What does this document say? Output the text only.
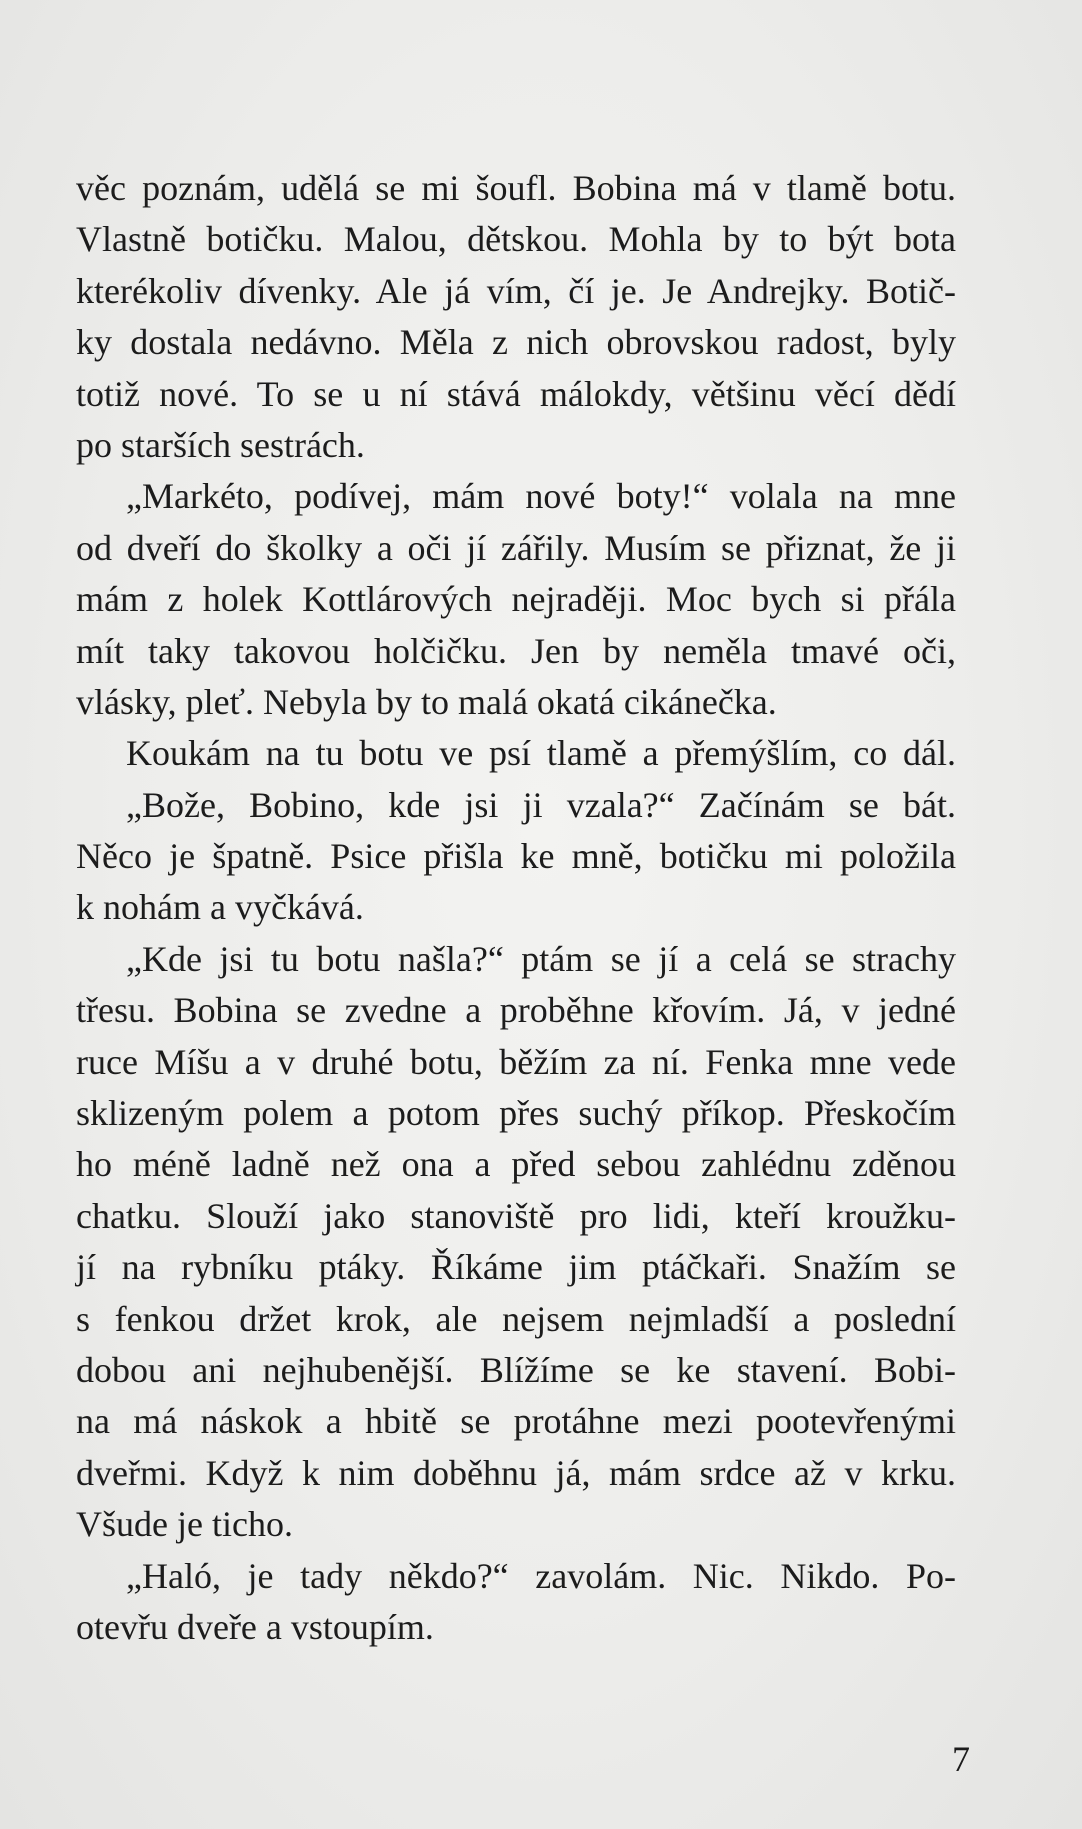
věc poznám, udělá se mi šoufl. Bobina má v tlamě botu.
Vlastně botičku. Malou, dětskou. Mohla by to být bota
kterékoliv dívenky. Ale já vím, čí je. Je Andrejky. Botič-
ky dostala nedávno. Měla z nich obrovskou radost, byly
totiž nové. To se u ní stává málokdy, většinu věcí dědí
po starších sestrách.
„Markéto, podívej, mám nové boty!“ volala na mne
od dveří do školky a oči jí zářily. Musím se přiznat, že ji
mám z holek Kottlárových nejraději. Moc bych si přála
mít taky takovou holčičku. Jen by neměla tmavé oči,
vlásky, pleť. Nebyla by to malá okatá cikánečka.
Koukám na tu botu ve psí tlamě a přemýšlím, co dál.
„Bože, Bobino, kde jsi ji vzala?“ Začínám se bát.
Něco je špatně. Psice přišla ke mně, botičku mi položila
k nohám a vyčkává.
„Kde jsi tu botu našla?“ ptám se jí a celá se strachy
třesu. Bobina se zvedne a proběhne křovím. Já, v jedné
ruce Míšu a v druhé botu, běžím za ní. Fenka mne vede
sklizeným polem a potom přes suchý příkop. Přeskočím
ho méně ladně než ona a před sebou zahlédnu zděnou
chatku. Slouží jako stanoviště pro lidi, kteří kroužku-
jí na rybníku ptáky. Říkáme jim ptáčkaři. Snažím se
s fenkou držet krok, ale nejsem nejmladší a poslední
dobou ani nejhubenější. Blížíme se ke stavení. Bobi-
na má náskok a hbitě se protáhne mezi pootevřenými
dveřmi. Když k nim doběhnu já, mám srdce až v krku.
Všude je ticho.
„Haló, je tady někdo?“ zavolám. Nic. Nikdo. Po-
otevřu dveře a vstoupím.
7
